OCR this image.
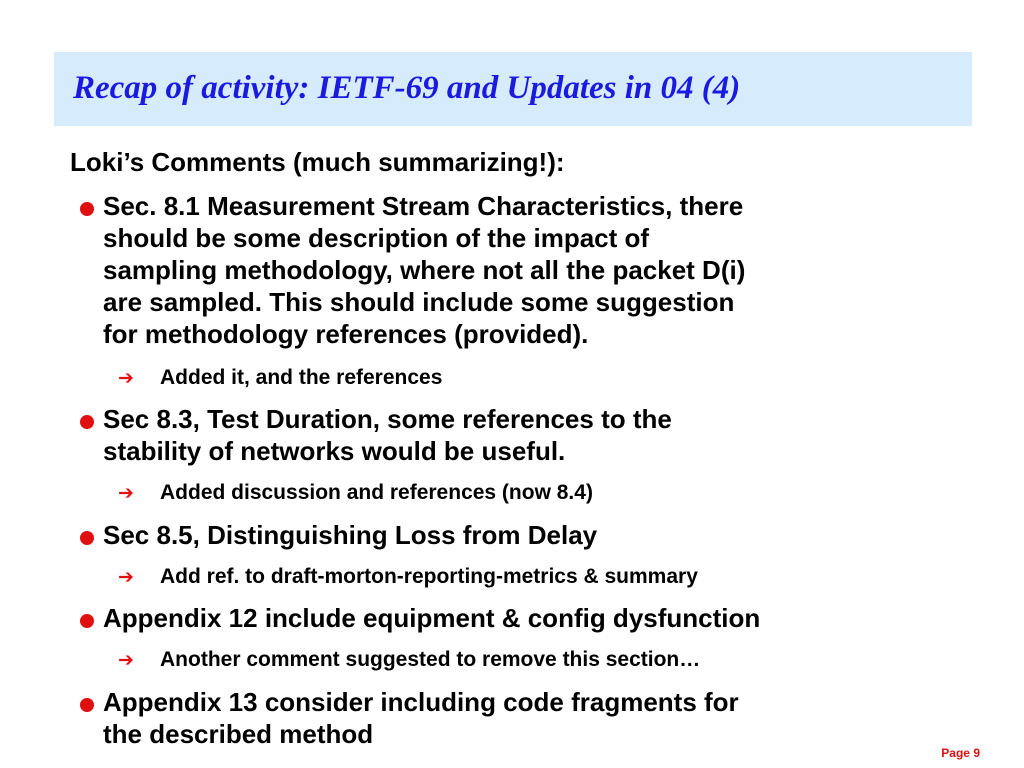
Recap of activity: IETF-69 and Updates in 04 (4)
Loki’s Comments (much summarizing!):
Sec. 8.1 Measurement Stream Characteristics, there
should be some description of the impact of
sampling methodology, where not all the packet D(i)
are sampled. This should include some suggestion
for methodology references (provided).
➔ Added it, and the references
Sec 8.3, Test Duration, some references to the
stability of networks would be useful.
➔ Added discussion and references (now 8.4)
Sec 8.5, Distinguishing Loss from Delay
➔ Add ref. to draft-morton-reporting-metrics & summary
Appendix 12 include equipment & config dysfunction
➔ Another comment suggested to remove this section…
Appendix 13 consider including code fragments for
the described method
Page 9
